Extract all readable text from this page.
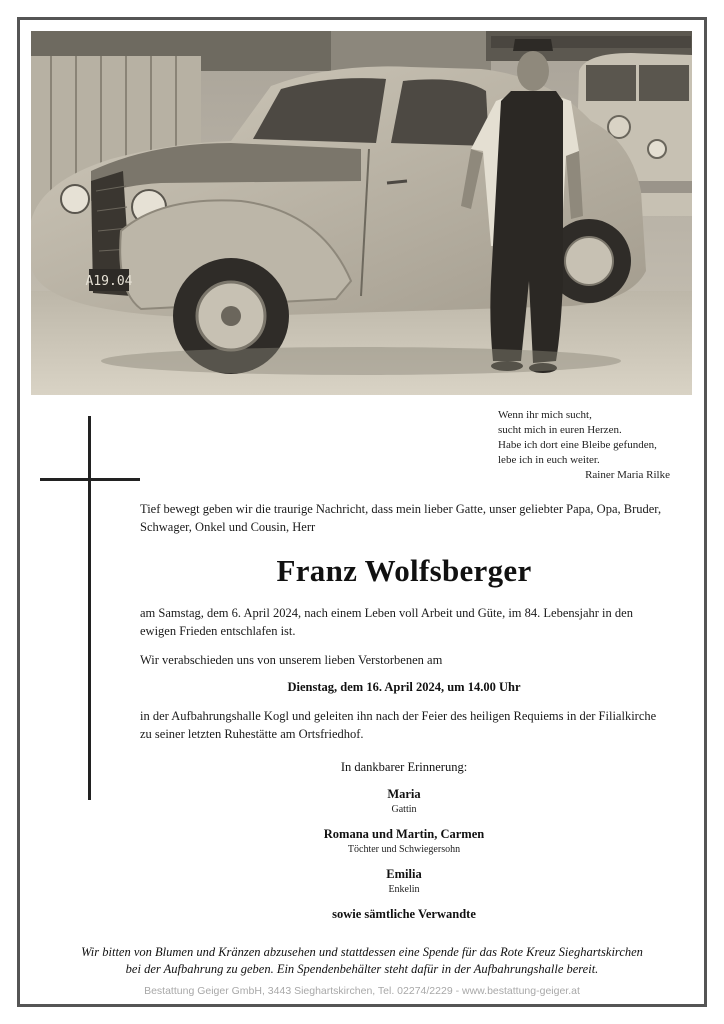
A19.04
Wenn ihr mich sucht,
sucht mich in euren Herzen.
Habe ich dort eine Bleibe gefunden,
lebe ich in euch weiter.
Rainer Maria Rilke

Tief bewegt geben wir die traurige Nachricht, dass mein lieber Gatte, unser geliebter Papa, Opa, Bruder, Schwager, Onkel und Cousin, Herr

Franz Wolfsberger

am Samstag, dem 6. April 2024, nach einem Leben voll Arbeit und Güte, im 84. Lebensjahr in den ewigen Frieden entschlafen ist.

Wir verabschieden uns von unserem lieben Verstorbenen am

Dienstag, dem 16. April 2024, um 14.00 Uhr

in der Aufbahrungshalle Kogl und geleiten ihn nach der Feier des heiligen Requiems in der Filialkirche zu seiner letzten Ruhestätte am Ortsfriedhof.

In dankbarer Erinnerung:
Maria
Gattin
Romana und Martin, Carmen
Töchter und Schwiegersohn
Emilia
Enkelin
sowie sämtliche Verwandte

Wir bitten von Blumen und Kränzen abzusehen und stattdessen eine Spende für das Rote Kreuz Sieghartskirchen

bei der Aufbahrung zu geben. Ein Spendenbehälter steht dafür in der Aufbahrungshalle bereit.

Bestattung Geiger GmbH, 3443 Sieghartskirchen, Tel. 02274/2229 - www.bestattung-geiger.at
